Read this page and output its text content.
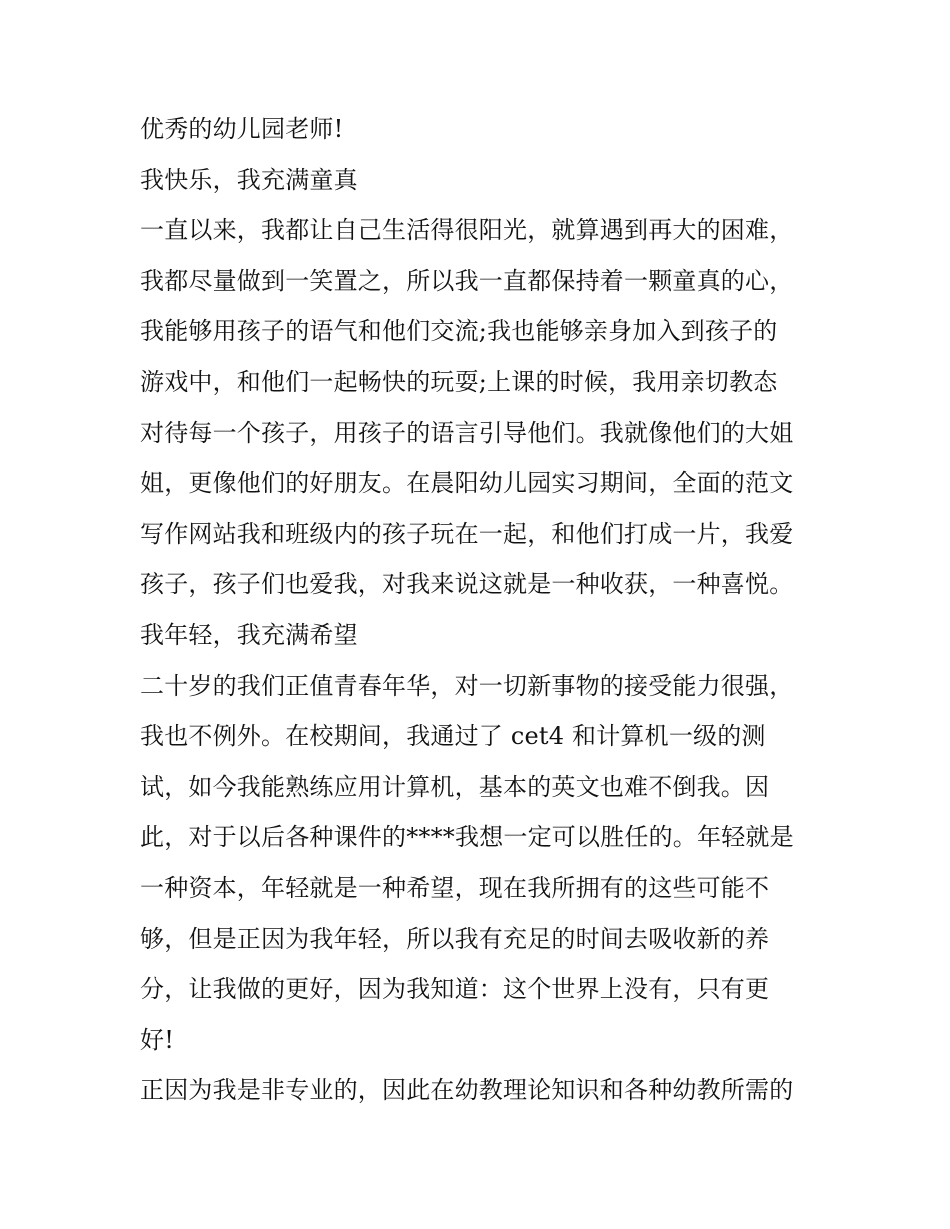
优秀的幼儿园老师!
我快乐，我充满童真
一直以来，我都让自己生活得很阳光，就算遇到再大的困难，
我都尽量做到一笑置之，所以我一直都保持着一颗童真的心，
我能够用孩子的语气和他们交流;我也能够亲身加入到孩子的
游戏中，和他们一起畅快的玩耍;上课的时候，我用亲切教态
对待每一个孩子，用孩子的语言引导他们。我就像他们的大姐
姐，更像他们的好朋友。在晨阳幼儿园实习期间，全面的范文
写作网站我和班级内的孩子玩在一起，和他们打成一片，我爱
孩子，孩子们也爱我，对我来说这就是一种收获，一种喜悦。
我年轻，我充满希望
二十岁的我们正值青春年华，对一切新事物的接受能力很强，
我也不例外。在校期间，我通过了 cet4 和计算机一级的测
试，如今我能熟练应用计算机，基本的英文也难不倒我。因
此，对于以后各种课件的****我想一定可以胜任的。年轻就是
一种资本，年轻就是一种希望，现在我所拥有的这些可能不
够，但是正因为我年轻，所以我有充足的时间去吸收新的养
分，让我做的更好，因为我知道：这个世界上没有，只有更
好!
正因为我是非专业的，因此在幼教理论知识和各种幼教所需的
